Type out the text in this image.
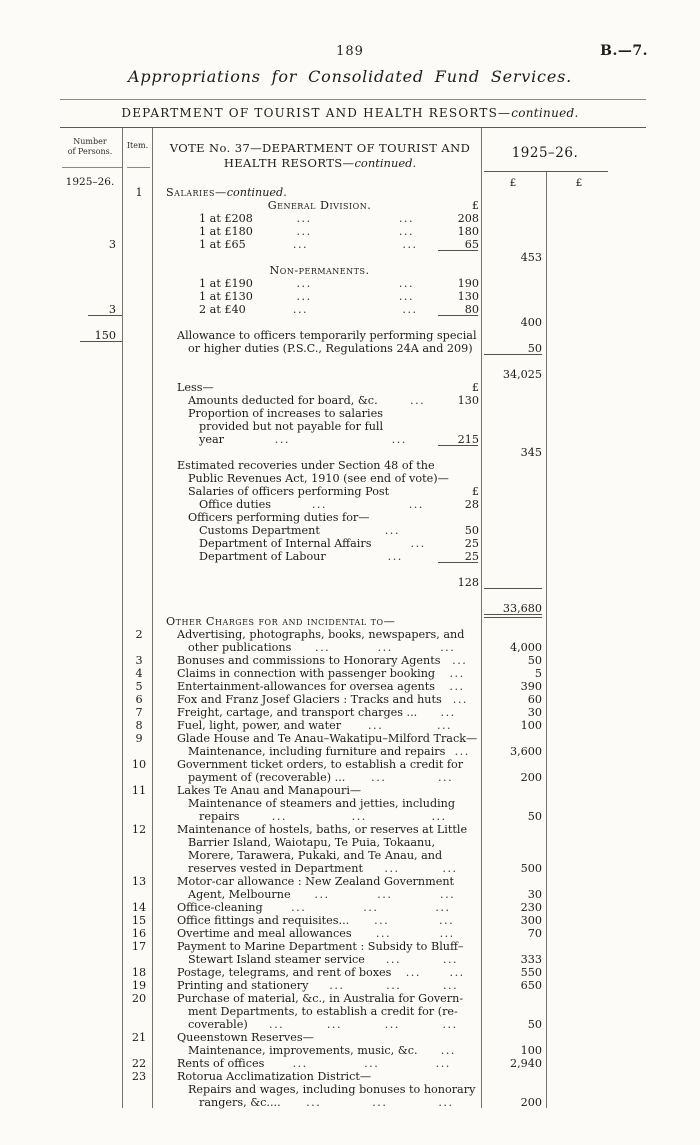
189	B.—7.
Appropriations for Consolidated Fund Services.
DEPARTMENT OF TOURIST AND HEALTH RESORTS—continued.
Number
of Persons.
Item.	VOTE No. 37—DEPARTMENT OF TOURIST AND
HEALTH RESORTS—continued.
1925–26.
1925–26.	£	£
1	Salaries— continued.
General Division.	£
1 at £208	...	...	208
1 at £180	...	...	180
3	1 at £65	...	...	65
453
Non-permanents.
1 at £190	...	...	190
1 at £130	...	...	130
3	2 at £40	...	...	80
400
150	Allowance to officers temporarily performing special
or higher duties (P.S.C., Regulations 24A and 209)	50
34,025
Less—	£
Amounts deducted for board, &c.	...	130
Proportion of increases to salaries
provided but not payable for full
year	...	...	215
345
Estimated recoveries under Section 48 of the
Public Revenues Act, 1910 (see end of vote)—
Salaries of officers performing Post	£
Office duties	...	...	28
Officers performing duties for—
Customs Department	...	50
Department of Internal Affairs	...	25
Department of Labour	...	25
128
33,680
Other Charges for and incidental to—
2	Advertising, photographs, books, newspapers, and
other publications	...	...	...	4,000
3	Bonuses and commissions to Honorary Agents	...	50
4	Claims in connection with passenger booking	...	5
5	Entertainment-allowances for oversea agents	...	390
6	Fox and Franz Josef Glaciers : Tracks and huts ...	60
7	Freight, cartage, and transport charges ...	...	30
8	Fuel, light, power, and water	...	...	100
9	Glade House and Te Anau–Wakatipu–Milford Track—
Maintenance, including furniture and repairs ...	3,600
10	Government ticket orders, to establish a credit for
payment of (recoverable) ...	...	...	200
11	Lakes Te Anau and Manapouri—
Maintenance of steamers and jetties, including
repairs	...	...	...	50
12	Maintenance of hostels, baths, or reserves at Little
Barrier Island, Waiotapu, Te Puia, Tokaanu,
Morere, Tarawera, Pukaki, and Te Anau, and
reserves vested in Department	...	...	500
13	Motor-car allowance : New Zealand Government
Agent, Melbourne	...	...	...	30
14	Office-cleaning	...	...	...	230
15	Office fittings and requisites...	...	...	300
16	Overtime and meal allowances	...	...	70
17	Payment to Marine Department : Subsidy to Bluff–
Stewart Island steamer service	...	...	333
18	Postage, telegrams, and rent of boxes	...	...	550
19	Printing and stationery	...	...	...	650
20	Purchase of material, &c., in Australia for Govern-
ment Departments, to establish a credit for (re-
coverable)	...	...	...	...	50
21	Queenstown Reserves—
Maintenance, improvements, music, &c.	...	100
22	Rents of offices	...	...	...	2,940
23	Rotorua Acclimatization District—
Repairs and wages, including bonuses to honorary
rangers, &c....	...	...	...	200
